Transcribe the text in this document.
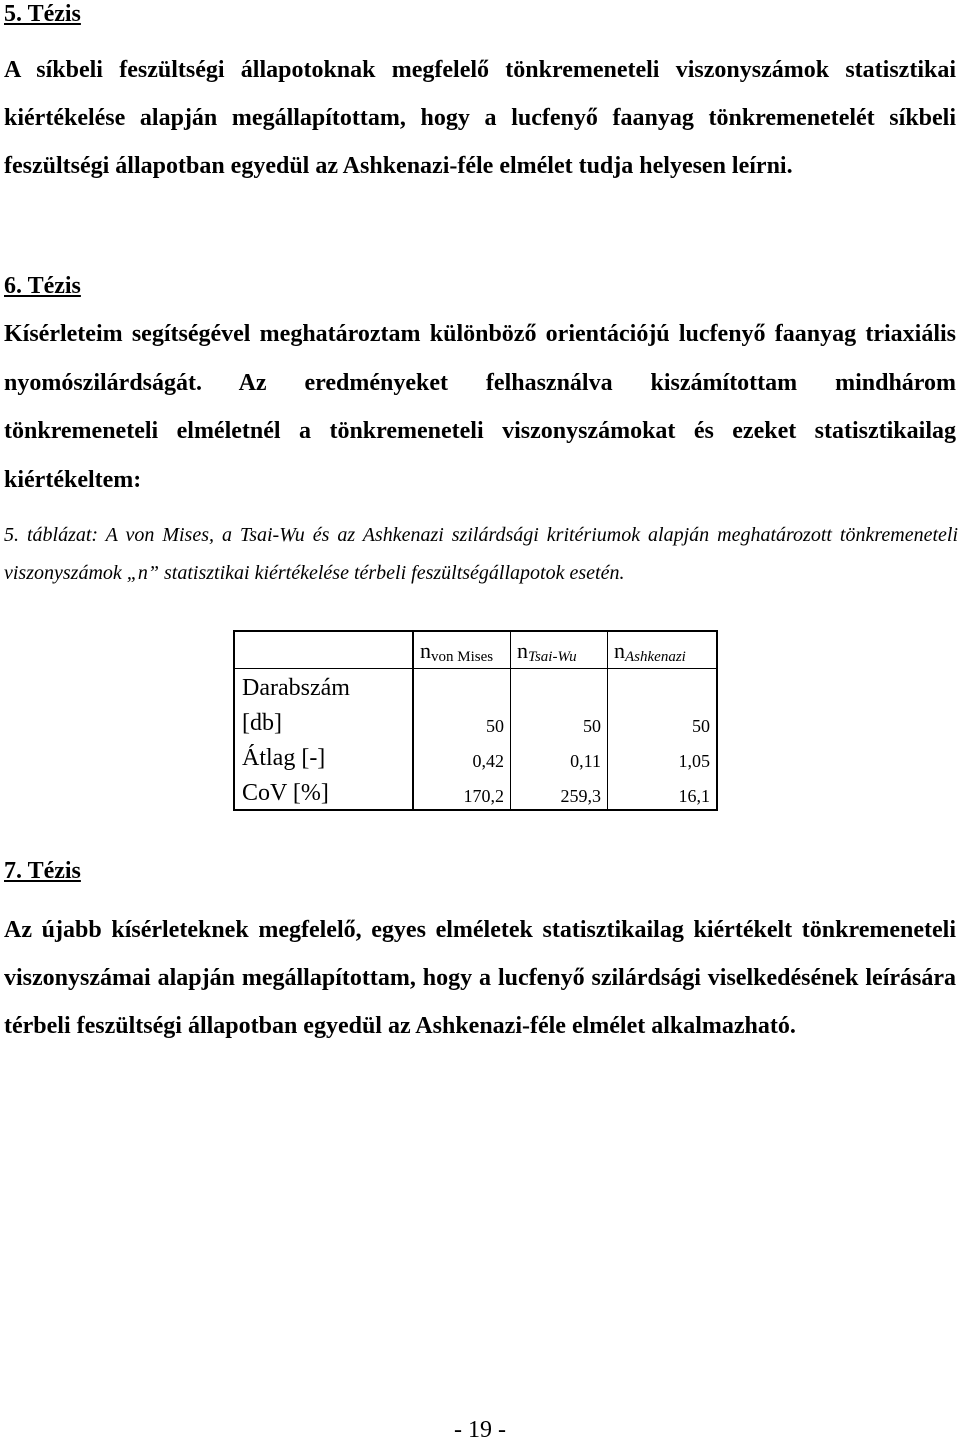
5. Tézis
A síkbeli feszültségi állapotoknak megfelelő tönkremeneteli viszonyszámok statisztikai kiértékelése alapján megállapítottam, hogy a lucfenyő faanyag tönkremenetelét síkbeli feszültségi állapotban egyedül az Ashkenazi-féle elmélet tudja helyesen leírni.
6. Tézis
Kísérleteim segítségével meghatároztam különböző orientációjú lucfenyő faanyag triaxiális nyomószilárdságát. Az eredményeket felhasználva kiszámítottam mindhárom tönkremeneteli elméletnél a tönkremeneteli viszonyszámokat és ezeket statisztikailag kiértékeltem:
5. táblázat: A von Mises, a Tsai-Wu és az Ashkenazi szilárdsági kritériumok alapján meghatározott tönkremeneteli viszonyszámok „n” statisztikai kiértékelése térbeli feszültségállapotok esetén.
	$n_{von Mises}$	$n_{Tsai-Wu}$	$n_{Ashkenazi}$
Darabszám			
[db]	50	50	50
Átlag [-]	0,42	0,11	1,05
CoV [%]	170,2	259,3	16,1
7. Tézis
Az újabb kísérleteknek megfelelő, egyes elméletek statisztikailag kiértékelt tönkremeneteli viszonyszámai alapján megállapítottam, hogy a lucfenyő szilárdsági viselkedésének leírására térbeli feszültségi állapotban egyedül az Ashkenazi-féle elmélet alkalmazható.
- 19 -
